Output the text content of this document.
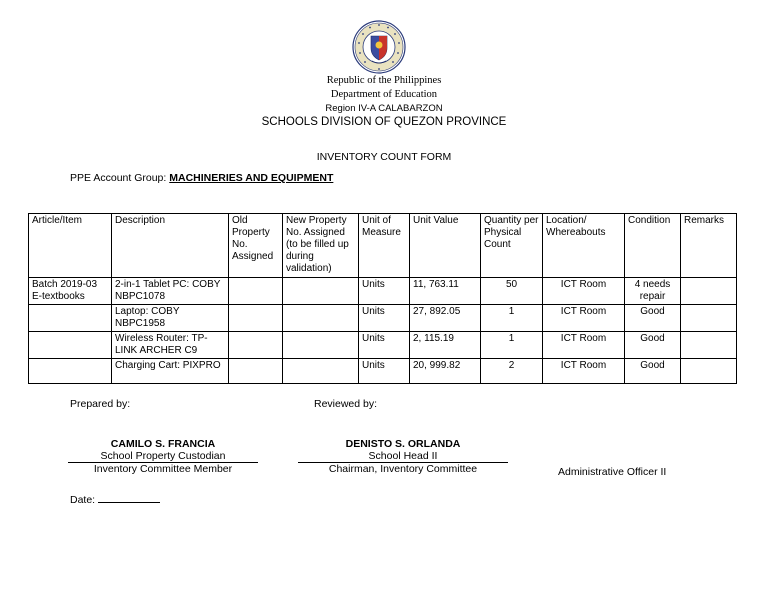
Republic of the Philippines
Department of Education
Region IV-A CALABARZON
SCHOOLS DIVISION OF QUEZON PROVINCE
INVENTORY COUNT FORM
PPE Account Group: MACHINERIES AND EQUIPMENT
Article/Item	Description	Old Property No. Assigned	New Property No. Assigned (to be filled up during validation)	Unit of Measure	Unit Value	Quantity per Physical Count	Location/ Whereabouts	Condition	Remarks
Batch 2019-03 E-textbooks	2-in-1 Tablet PC: COBY NBPC1078			Units	11, 763.11	50	ICT Room	4 needs repair	
	Laptop: COBY NBPC1958			Units	27, 892.05	1	ICT Room	Good	
	Wireless Router: TP-LINK ARCHER C9			Units	2, 115.19	1	ICT Room	Good	
	Charging Cart: PIXPRO			Units	20, 999.82	2	ICT Room	Good	
Prepared by:	Reviewed by:
CAMILO S. FRANCIA
School Property Custodian
Inventory Committee Member
DENISTO S. ORLANDA
School Head II
Chairman, Inventory Committee	Administrative Officer II
Date:
